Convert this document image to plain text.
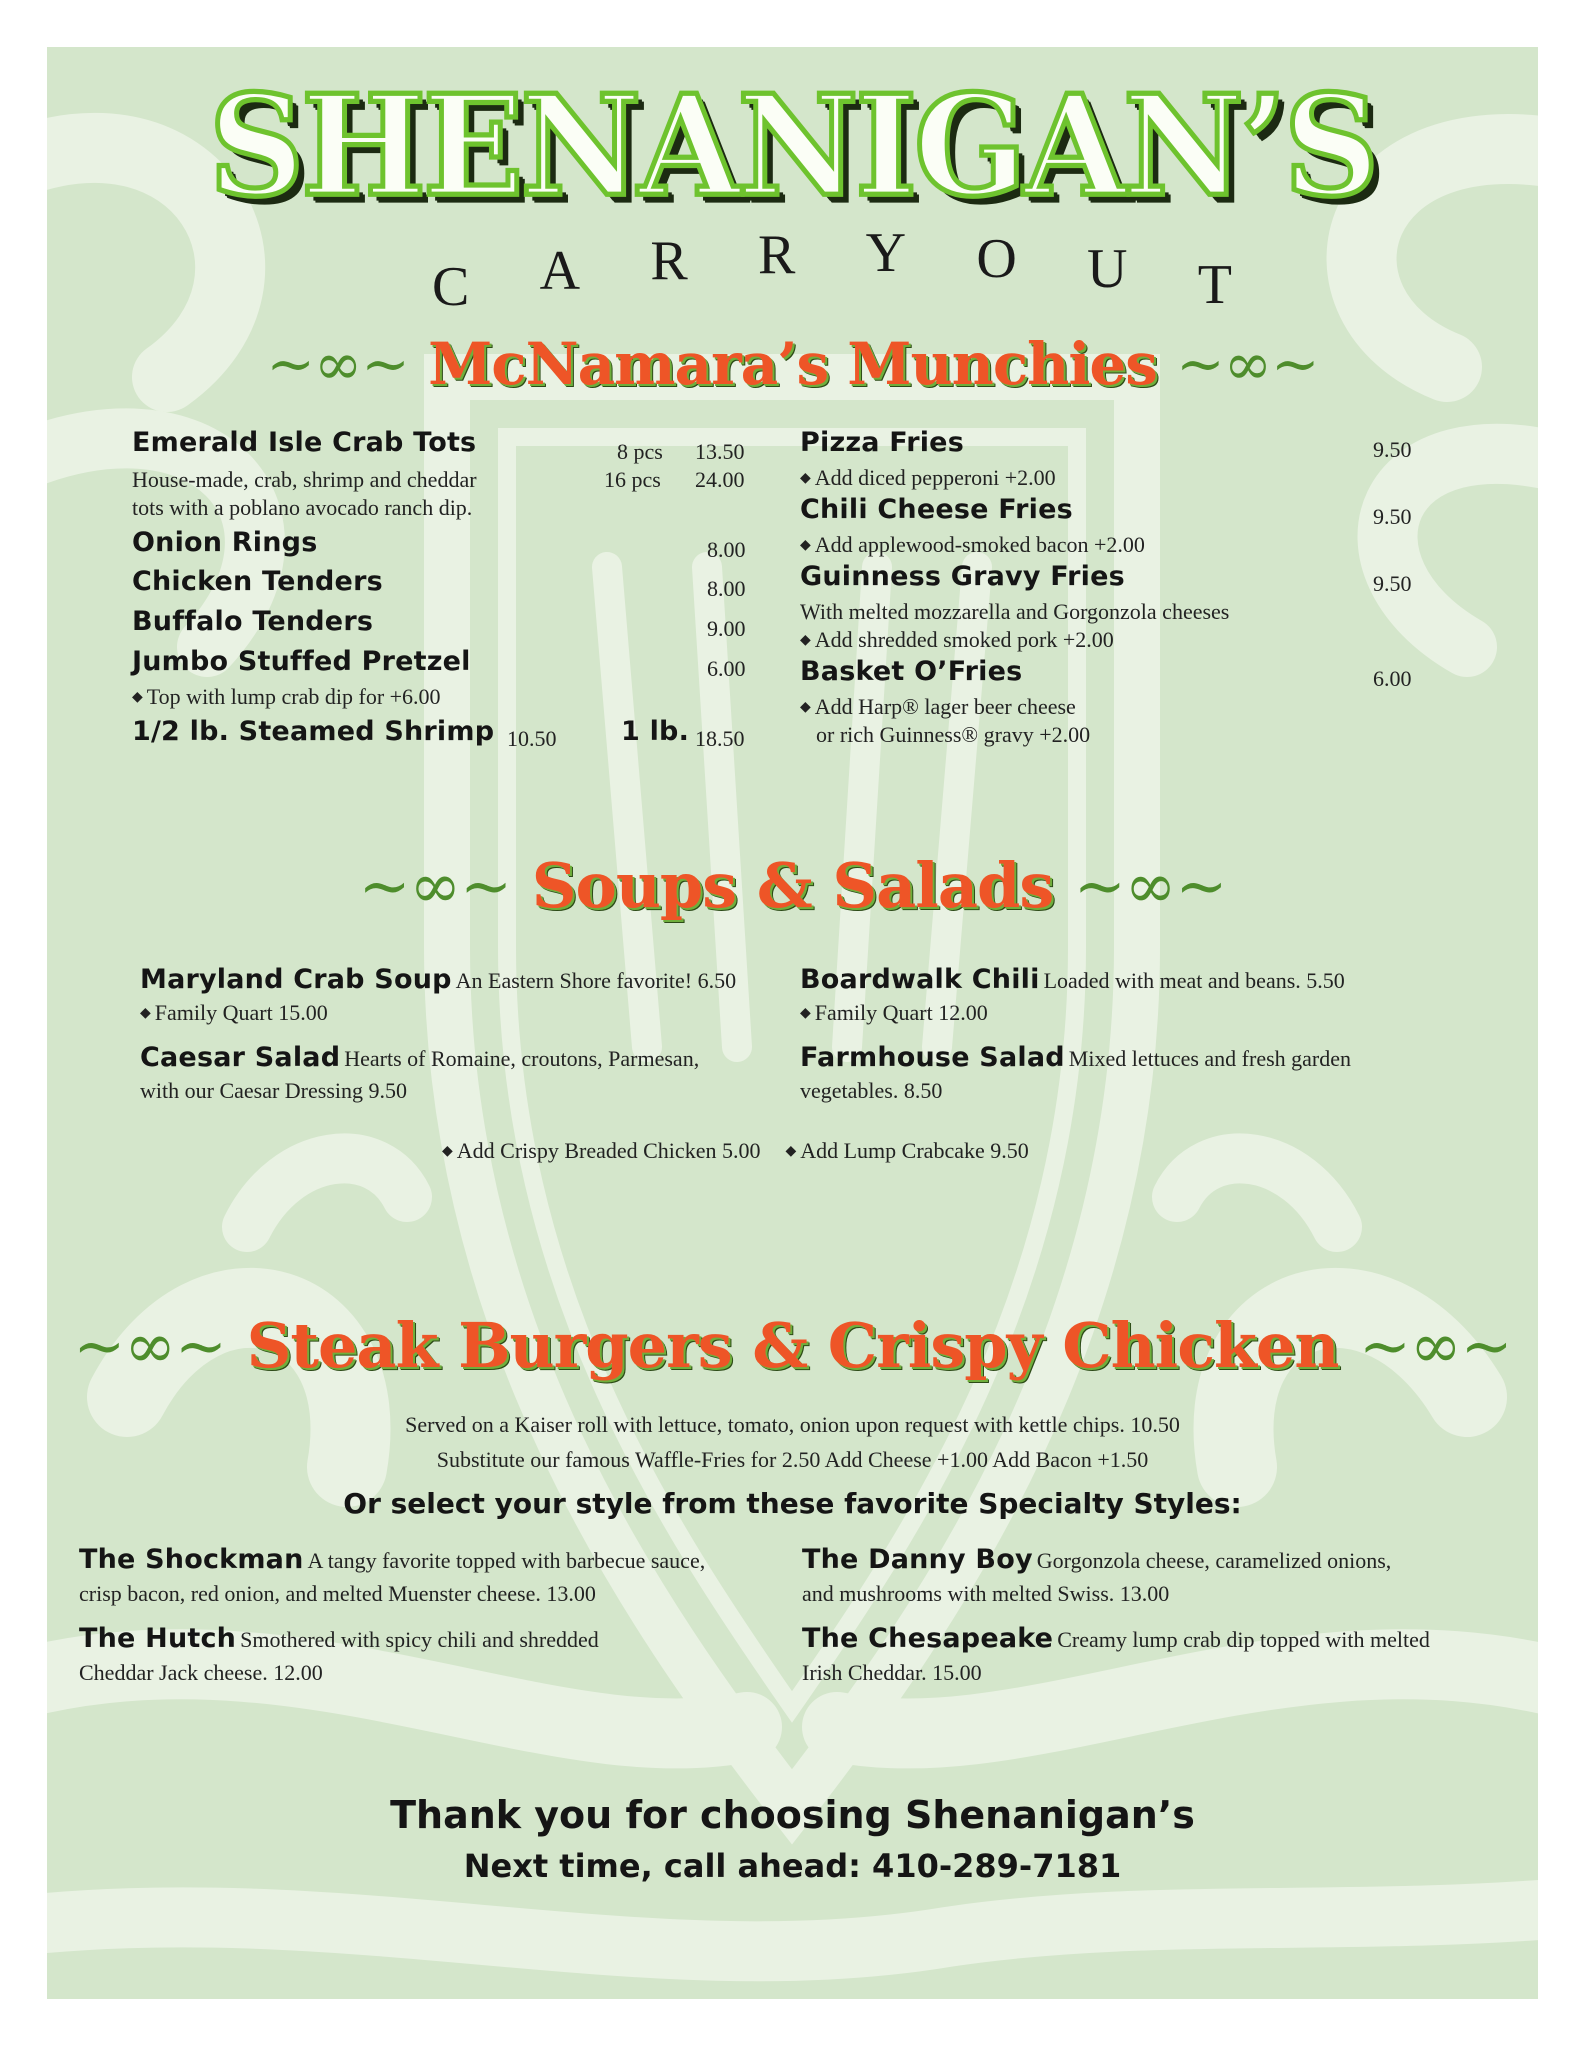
SHENANIGAN’S
C A R R Y O U T
~∞~ McNamara’s Munchies ~∞~
Emerald Isle Crab Tots
House-made, crab, shrimp and cheddar
tots with a poblano avocado ranch dip.
8 pcs 13.50
16 pcs 24.00
Onion Rings	8.00
Chicken Tenders	8.00
Buffalo Tenders	9.00
Jumbo Stuffed Pretzel	6.00
◆ Top with lump crab dip for +6.00
1/2 lb. Steamed Shrimp 10.50 1 lb. 18.50
Pizza Fries	9.50
◆ Add diced pepperoni +2.00
Chili Cheese Fries	9.50
◆ Add applewood-smoked bacon +2.00
Guinness Gravy Fries	9.50
With melted mozzarella and Gorgonzola cheeses
◆ Add shredded smoked pork +2.00
Basket O’Fries	6.00
◆ Add Harp® lager beer cheese
or rich Guinness® gravy +2.00
~∞~ Soups & Salads ~∞~
Maryland Crab Soup An Eastern Shore favorite! 6.50
◆ Family Quart 15.00
Caesar Salad Hearts of Romaine, croutons, Parmesan,
with our Caesar Dressing 9.50
Boardwalk Chili Loaded with meat and beans. 5.50
◆ Family Quart 12.00
Farmhouse Salad Mixed lettuces and fresh garden
vegetables. 8.50
◆ Add Crispy Breaded Chicken 5.00 ◆ Add Lump Crabcake 9.50
~∞~ Steak Burgers & Crispy Chicken ~∞~
Served on a Kaiser roll with lettuce, tomato, onion upon request with kettle chips. 10.50
Substitute our famous Waffle-Fries for 2.50 Add Cheese +1.00 Add Bacon +1.50
Or select your style from these favorite Specialty Styles:
The Shockman A tangy favorite topped with barbecue sauce,
crisp bacon, red onion, and melted Muenster cheese. 13.00
The Hutch Smothered with spicy chili and shredded
Cheddar Jack cheese. 12.00
The Danny Boy Gorgonzola cheese, caramelized onions,
and mushrooms with melted Swiss. 13.00
The Chesapeake Creamy lump crab dip topped with melted
Irish Cheddar. 15.00
Thank you for choosing Shenanigan’s
Next time, call ahead: 410-289-7181
